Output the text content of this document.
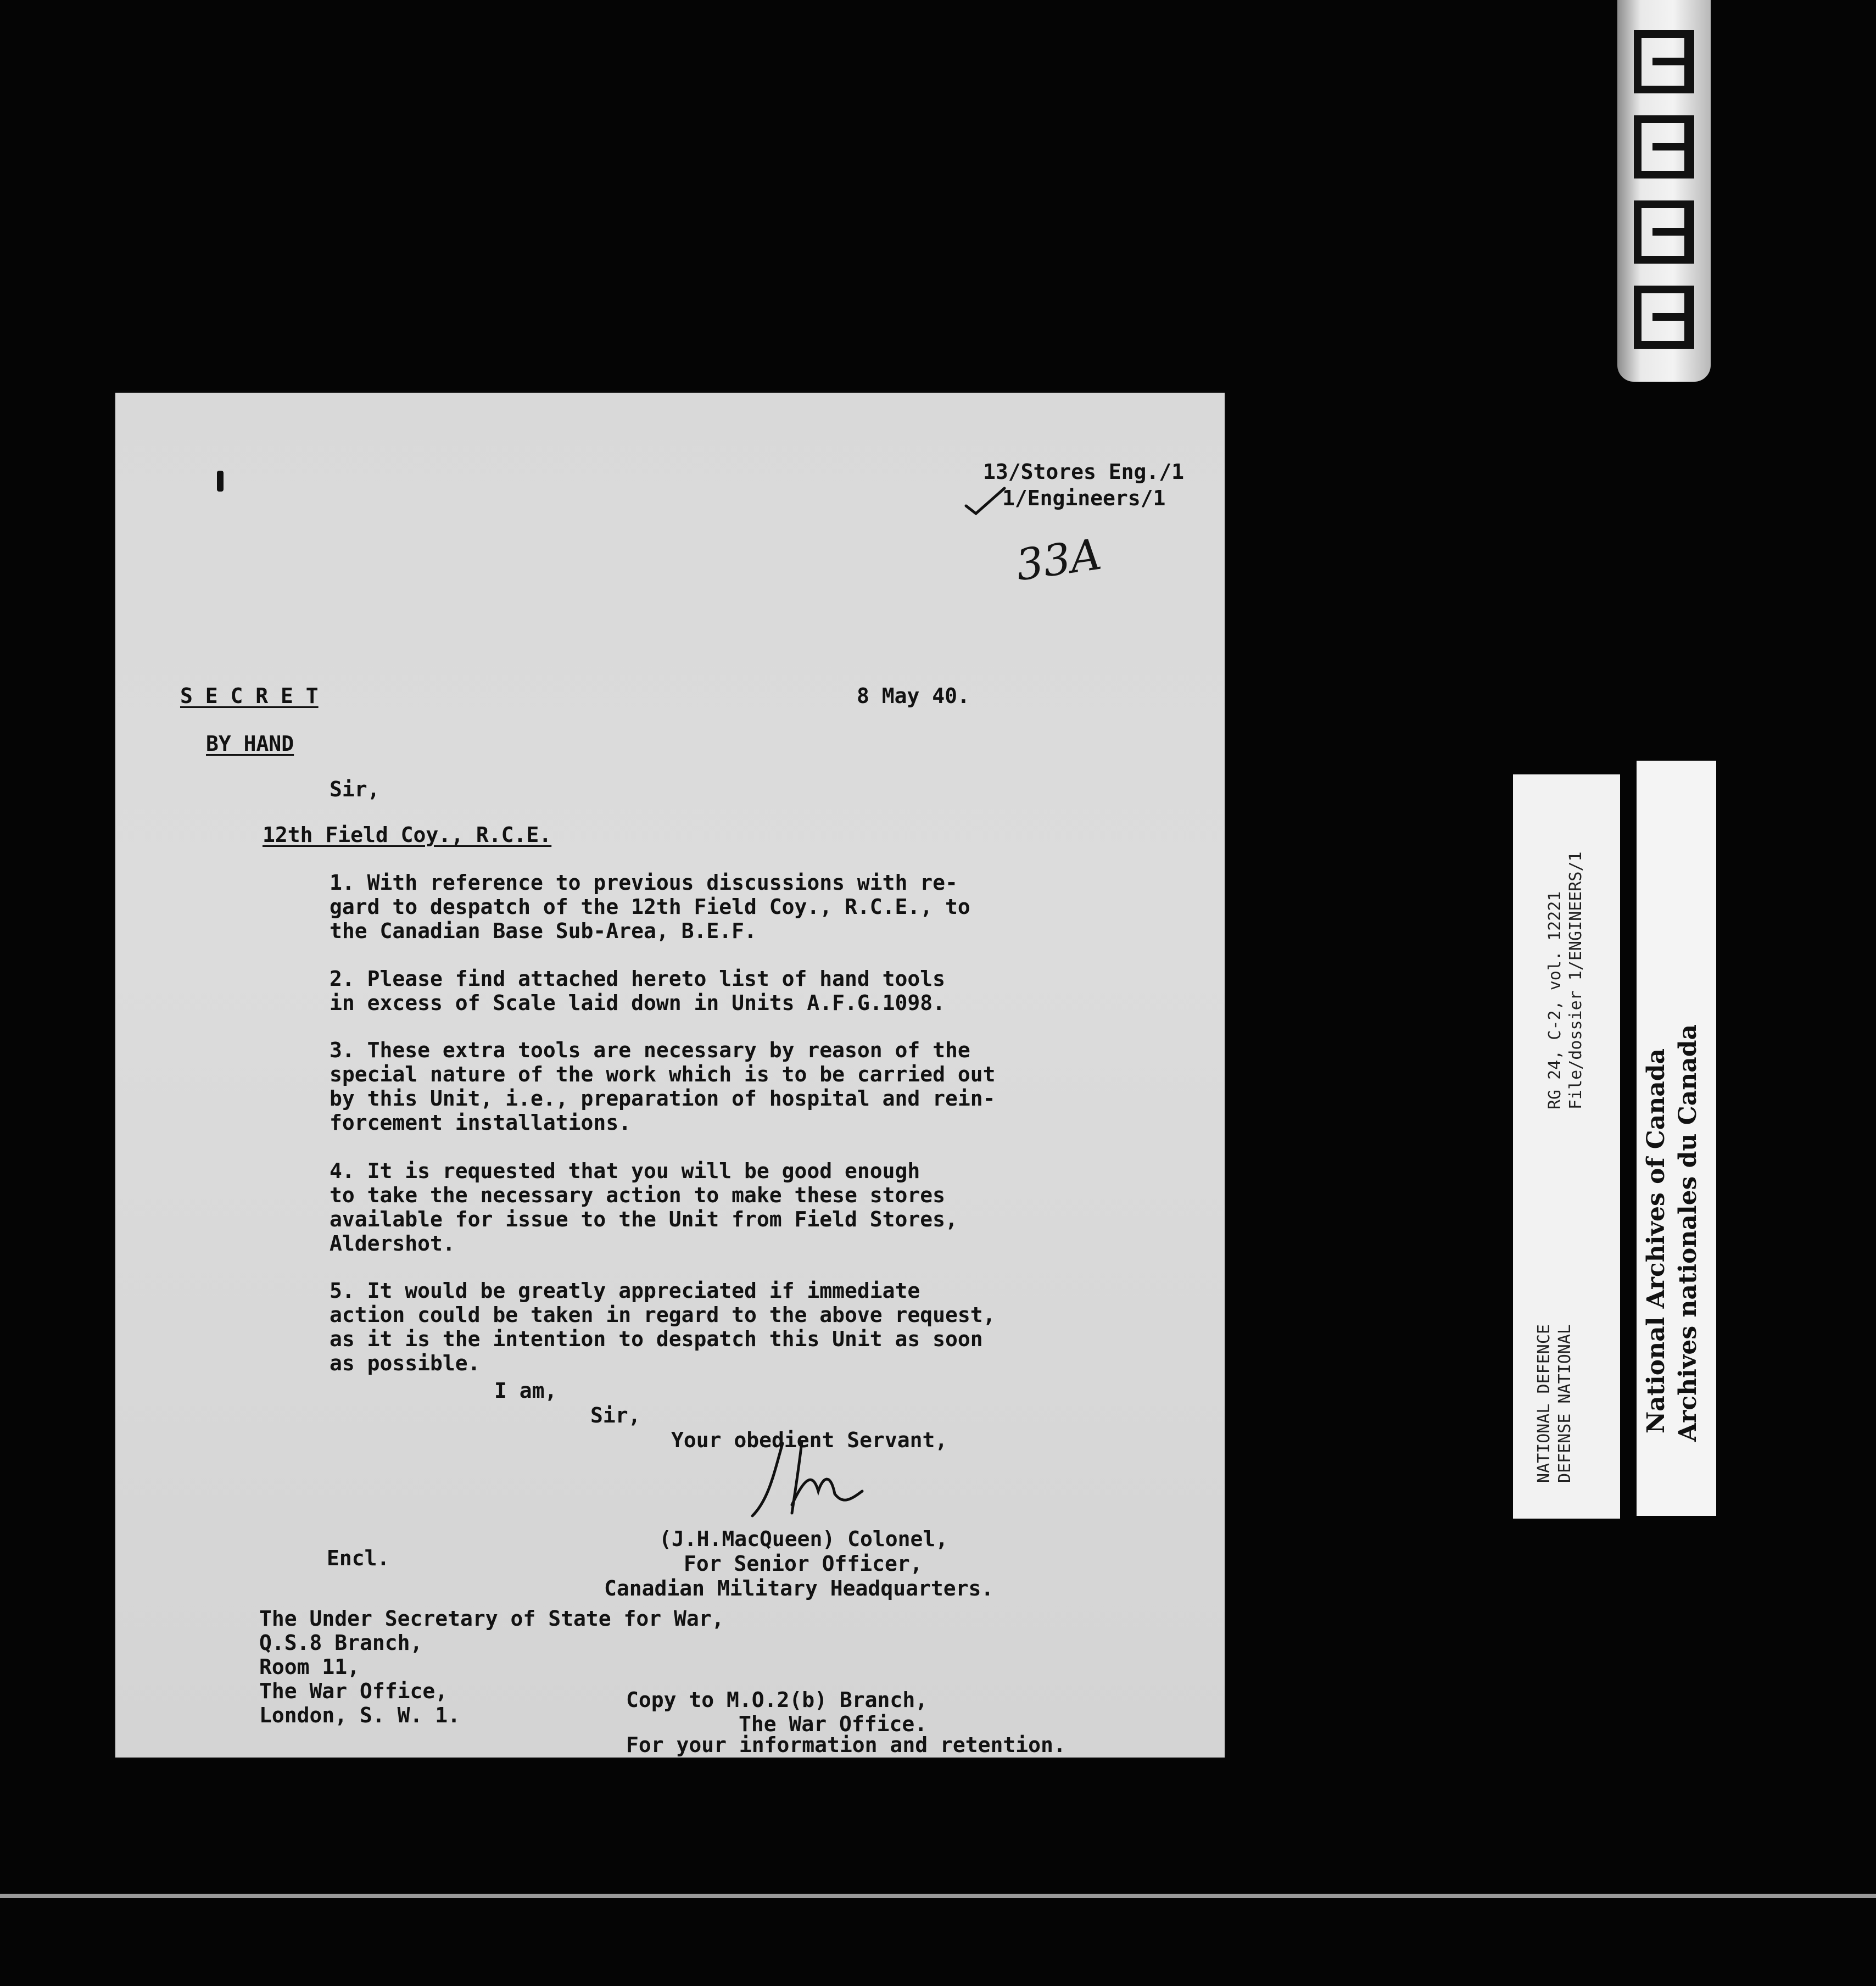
13/Stores Eng./1
1/Engineers/1
33A
S E C R E T	8 May 40.
BY HAND
Sir,
12th Field Coy., R.C.E.
1. With reference to previous discussions with re-
gard to despatch of the 12th Field Coy., R.C.E., to
the Canadian Base Sub-Area, B.E.F.
2. Please find attached hereto list of hand tools
in excess of Scale laid down in Units A.F.G.1098.
3. These extra tools are necessary by reason of the
special nature of the work which is to be carried out
by this Unit, i.e., preparation of hospital and rein-
forcement installations.
4. It is requested that you will be good enough
to take the necessary action to make these stores
available for issue to the Unit from Field Stores,
Aldershot.
5. It would be greatly appreciated if immediate
action could be taken in regard to the above request,
as it is the intention to despatch this Unit as soon
as possible.
I am,
Sir,
Your obedient Servant,
(J.H.MacQueen) Colonel,
For Senior Officer,
Canadian Military Headquarters.
Encl.
The Under Secretary of State for War,
Q.S.8 Branch,
Room 11,
The War Office,
London, S. W. 1.
Copy to M.O.2(b) Branch,
The War Office.
For your information and retention.
RG 24, C-2, vol. 12221 File/dossier 1/ENGINEERS/1
NATIONAL DEFENCE DEFENSE NATIONAL	National Archives of Canada Archives nationales du Canada
